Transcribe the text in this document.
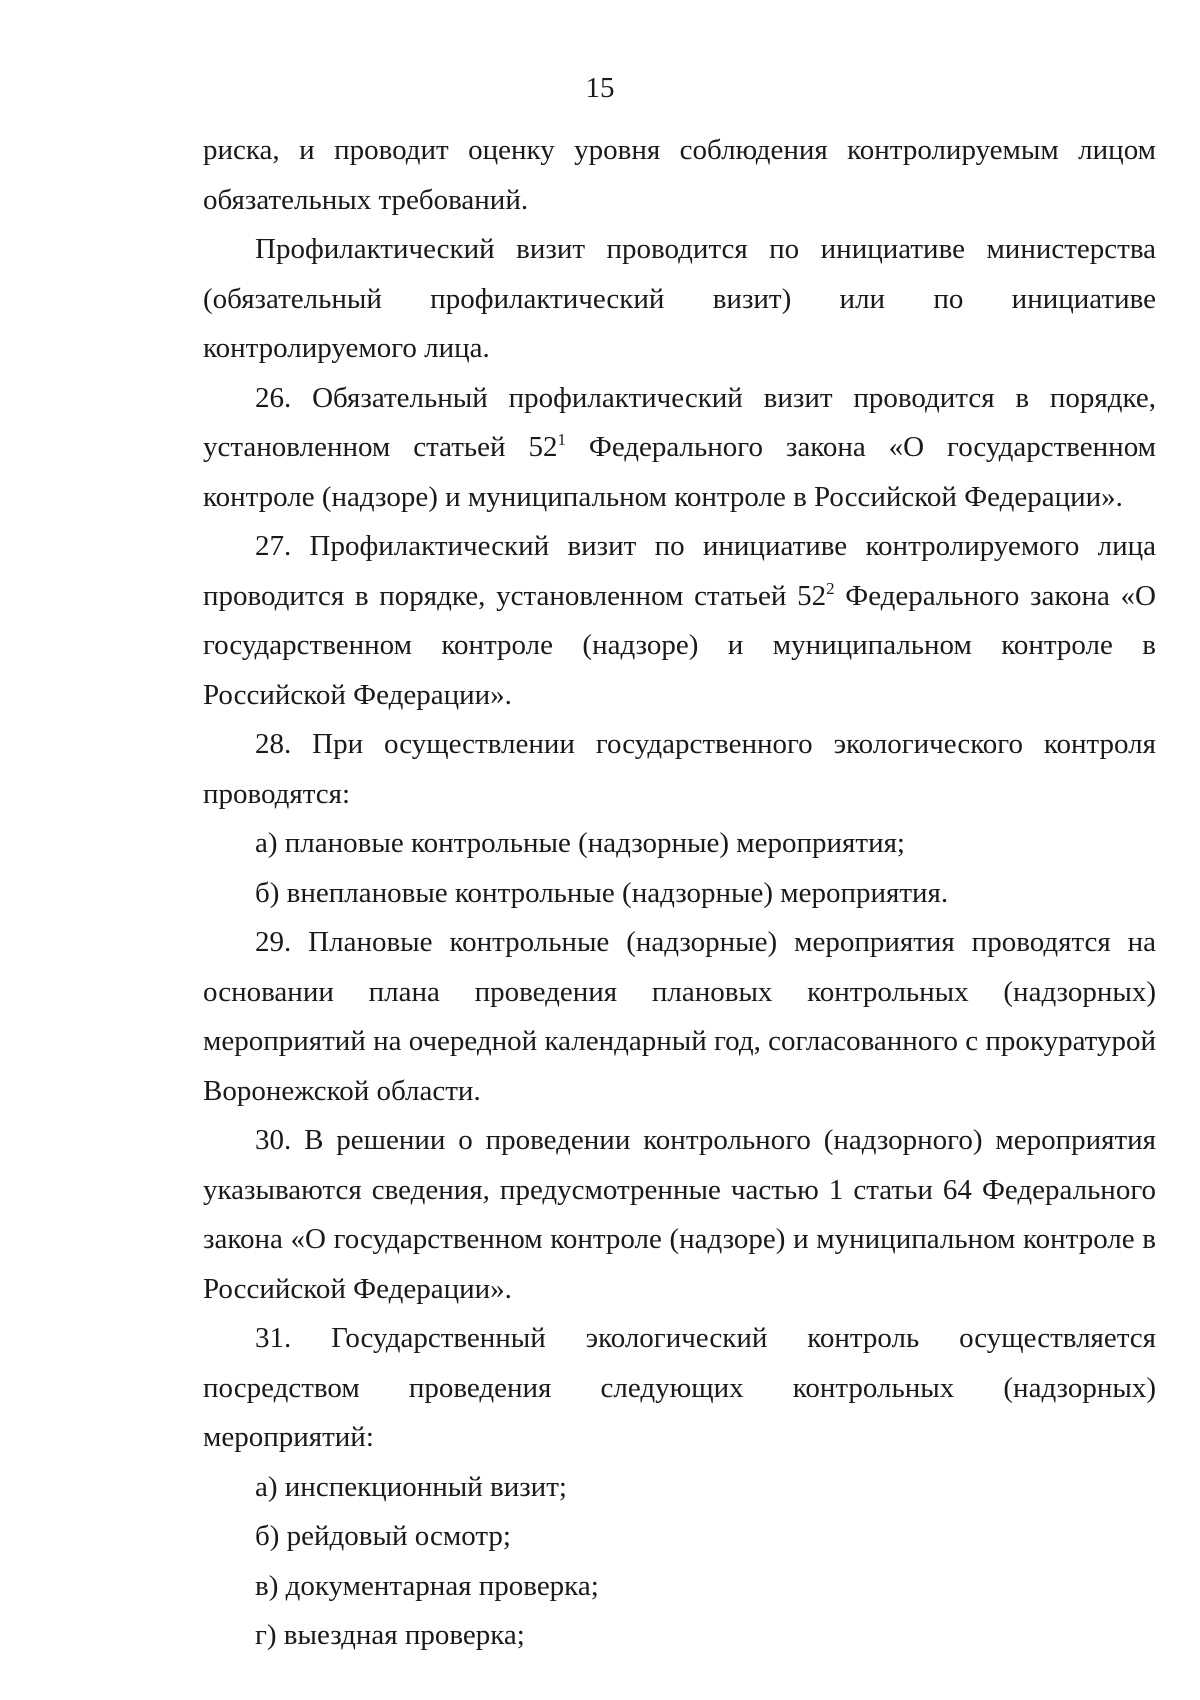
15

риска, и проводит оценку уровня соблюдения контролируемым лицом обязательных требований.

Профилактический визит проводится по инициативе министерства (обязательный профилактический визит) или по инициативе контролируемого лица.

26. Обязательный профилактический визит проводится в порядке, установленном статьей $52^1$ Федерального закона «О государственном контроле (надзоре) и муниципальном контроле в Российской Федерации».

27. Профилактический визит по инициативе контролируемого лица проводится в порядке, установленном статьей $52^2$ Федерального закона «О государственном контроле (надзоре) и муниципальном контроле в Российской Федерации».

28. При осуществлении государственного экологического контроля проводятся:

а) плановые контрольные (надзорные) мероприятия;

б) внеплановые контрольные (надзорные) мероприятия.

29. Плановые контрольные (надзорные) мероприятия проводятся на основании плана проведения плановых контрольных (надзорных) мероприятий на очередной календарный год, согласованного с прокуратурой Воронежской области.

30. В решении о проведении контрольного (надзорного) мероприятия указываются сведения, предусмотренные частью 1 статьи 64 Федерального закона «О государственном контроле (надзоре) и муниципальном контроле в Российской Федерации».

31. Государственный экологический контроль осуществляется посредством проведения следующих контрольных (надзорных) мероприятий:

а) инспекционный визит;

б) рейдовый осмотр;

в) документарная проверка;

г) выездная проверка;
